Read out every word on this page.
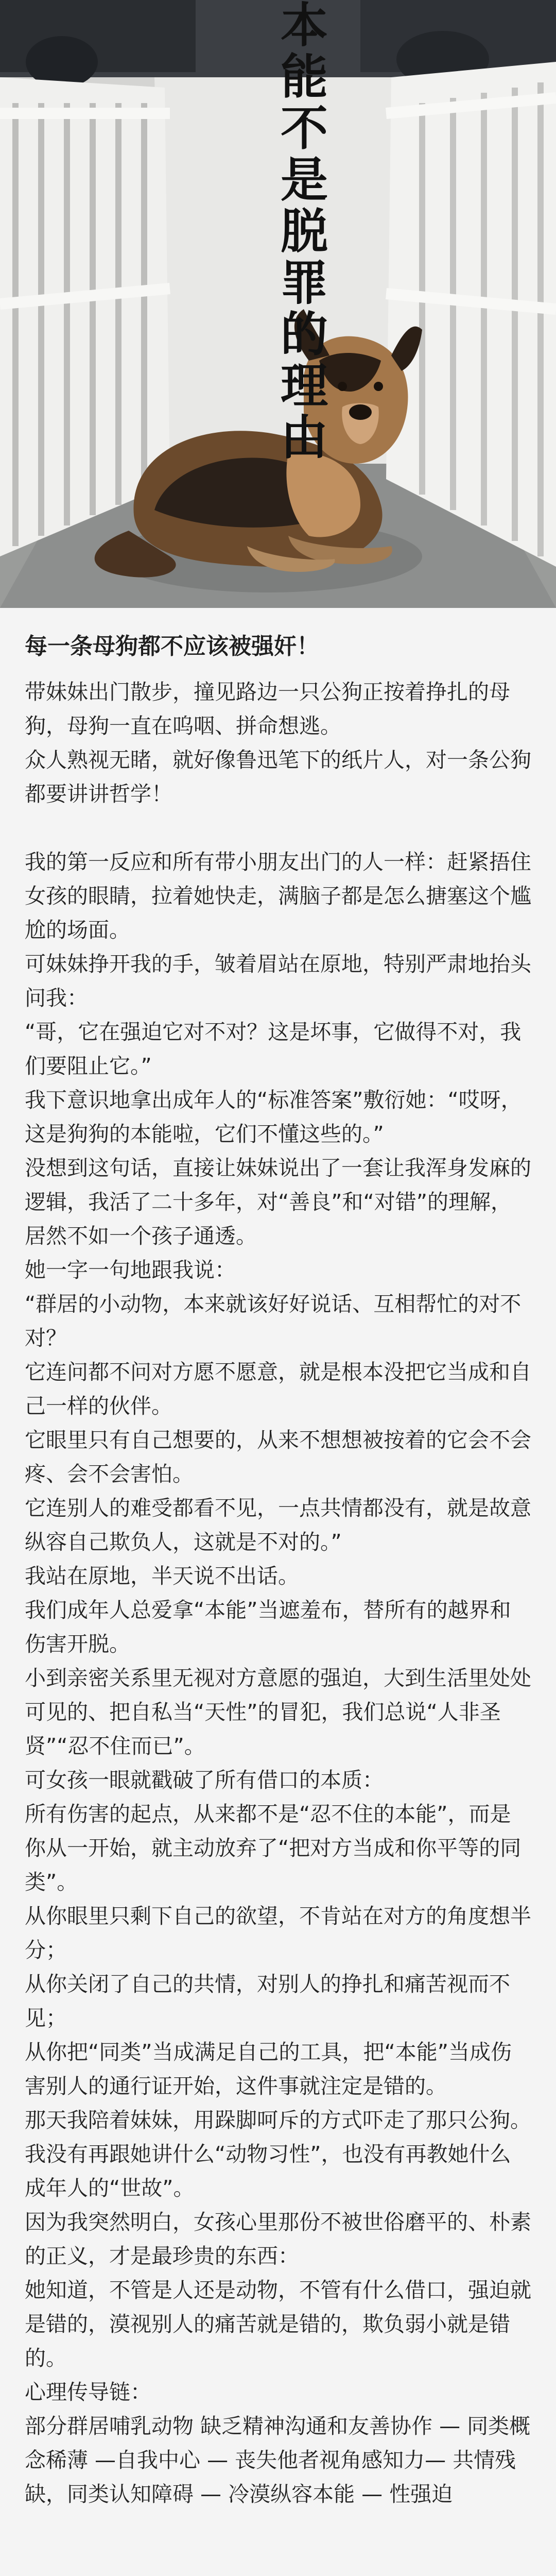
本能不是脱罪的理由

每一条母狗都不应该被强奸！

带妹妹出门散步，撞见路边一只公狗正按着挣扎的母狗，母狗一直在呜咽、拼命想逃。

众人熟视无睹，就好像鲁迅笔下的纸片人，对一条公狗都要讲讲哲学！

我的第一反应和所有带小朋友出门的人一样：赶紧捂住女孩的眼睛，拉着她快走，满脑子都是怎么搪塞这个尴尬的场面。

可妹妹挣开我的手，皱着眉站在原地，特别严肃地抬头问我：

“哥，它在强迫它对不对？这是坏事，它做得不对，我们要阻止它。”

我下意识地拿出成年人的“标准答案”敷衍她：“哎呀，这是狗狗的本能啦，它们不懂这些的。”

没想到这句话，直接让妹妹说出了一套让我浑身发麻的逻辑，我活了二十多年，对“善良”和“对错”的理解，居然不如一个孩子通透。

她一字一句地跟我说：

“群居的小动物，本来就该好好说话、互相帮忙的对不对？

它连问都不问对方愿不愿意，就是根本没把它当成和自己一样的伙伴。

它眼里只有自己想要的，从来不想想被按着的它会不会疼、会不会害怕。

它连别人的难受都看不见，一点共情都没有，就是故意纵容自己欺负人，这就是不对的。”

我站在原地，半天说不出话。

我们成年人总爱拿“本能”当遮羞布，替所有的越界和伤害开脱。

小到亲密关系里无视对方意愿的强迫，大到生活里处处可见的、把自私当“天性”的冒犯，我们总说“人非圣贤”“忍不住而已”。

可女孩一眼就戳破了所有借口的本质：

所有伤害的起点，从来都不是“忍不住的本能”，而是你从一开始，就主动放弃了“把对方当成和你平等的同类”。

从你眼里只剩下自己的欲望，不肯站在对方的角度想半分；

从你关闭了自己的共情，对别人的挣扎和痛苦视而不见；

从你把“同类”当成满足自己的工具，把“本能”当成伤害别人的通行证开始，这件事就注定是错的。

那天我陪着妹妹，用跺脚呵斥的方式吓走了那只公狗。

我没有再跟她讲什么“动物习性”，也没有再教她什么成年人的“世故”。

因为我突然明白，女孩心里那份不被世俗磨平的、朴素的正义，才是最珍贵的东西：

她知道，不管是人还是动物，不管有什么借口，强迫就是错的，漠视别人的痛苦就是错的，欺负弱小就是错的。

心理传导链：

部分群居哺乳动物 缺乏精神沟通和友善协作 — 同类概念稀薄 —自我中心 — 丧失他者视角感知力— 共情残缺，同类认知障碍 — 冷漠纵容本能 — 性强迫
